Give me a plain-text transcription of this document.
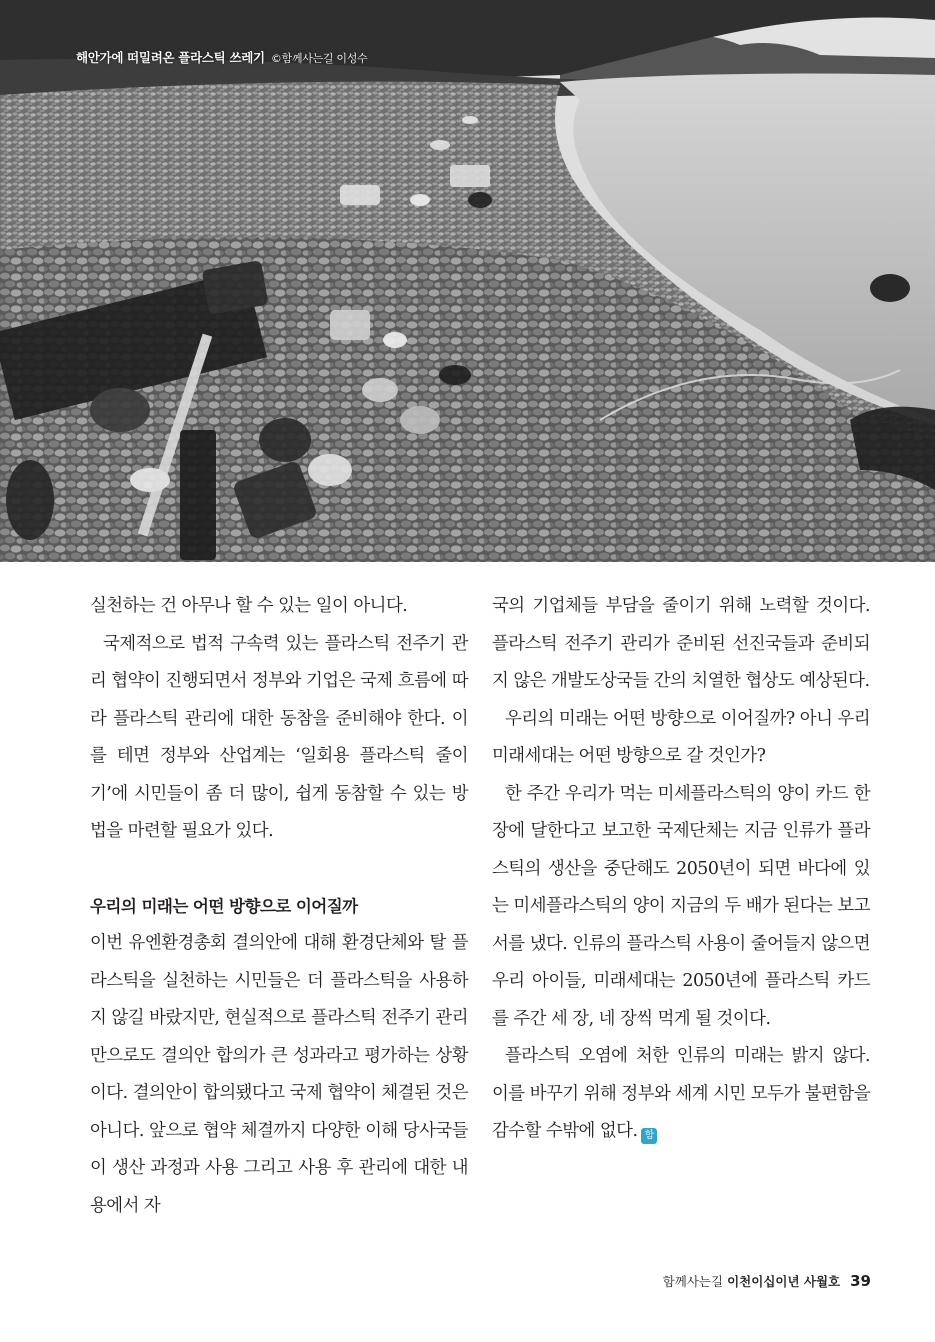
해안가에 떠밀려온 플라스틱 쓰레기 ©함께사는길 이성수

실천하는 건 아무나 할 수 있는 일이 아니다.

국제적으로 법적 구속력 있는 플라스틱 전주기 관리 협약이 진행되면서 정부와 기업은 국제 흐름에 따라 플라스틱 관리에 대한 동참을 준비해야 한다. 이를 테면 정부와 산업계는 ‘일회용 플라스틱 줄이기’에 시민들이 좀 더 많이, 쉽게 동참할 수 있는 방법을 마련할 필요가 있다.

우리의 미래는 어떤 방향으로 이어질까

이번 유엔환경총회 결의안에 대해 환경단체와 탈 플라스틱을 실천하는 시민들은 더 플라스틱을 사용하지 않길 바랐지만, 현실적으로 플라스틱 전주기 관리만으로도 결의안 합의가 큰 성과라고 평가하는 상황이다. 결의안이 합의됐다고 국제 협약이 체결된 것은 아니다. 앞으로 협약 체결까지 다양한 이해 당사국들이 생산 과정과 사용 그리고 사용 후 관리에 대한 내용에서 자

국의 기업체들 부담을 줄이기 위해 노력할 것이다. 플라스틱 전주기 관리가 준비된 선진국들과 준비되지 않은 개발도상국들 간의 치열한 협상도 예상된다.

우리의 미래는 어떤 방향으로 이어질까? 아니 우리 미래세대는 어떤 방향으로 갈 것인가?

한 주간 우리가 먹는 미세플라스틱의 양이 카드 한 장에 달한다고 보고한 국제단체는 지금 인류가 플라스틱의 생산을 중단해도 2050년이 되면 바다에 있는 미세플라스틱의 양이 지금의 두 배가 된다는 보고서를 냈다. 인류의 플라스틱 사용이 줄어들지 않으면 우리 아이들, 미래세대는 2050년에 플라스틱 카드를 주간 세 장, 네 장씩 먹게 될 것이다.

플라스틱 오염에 처한 인류의 미래는 밝지 않다. 이를 바꾸기 위해 정부와 세계 시민 모두가 불편함을 감수할 수밖에 없다. 함

함께사는길 이천이십이년 사월호 39
